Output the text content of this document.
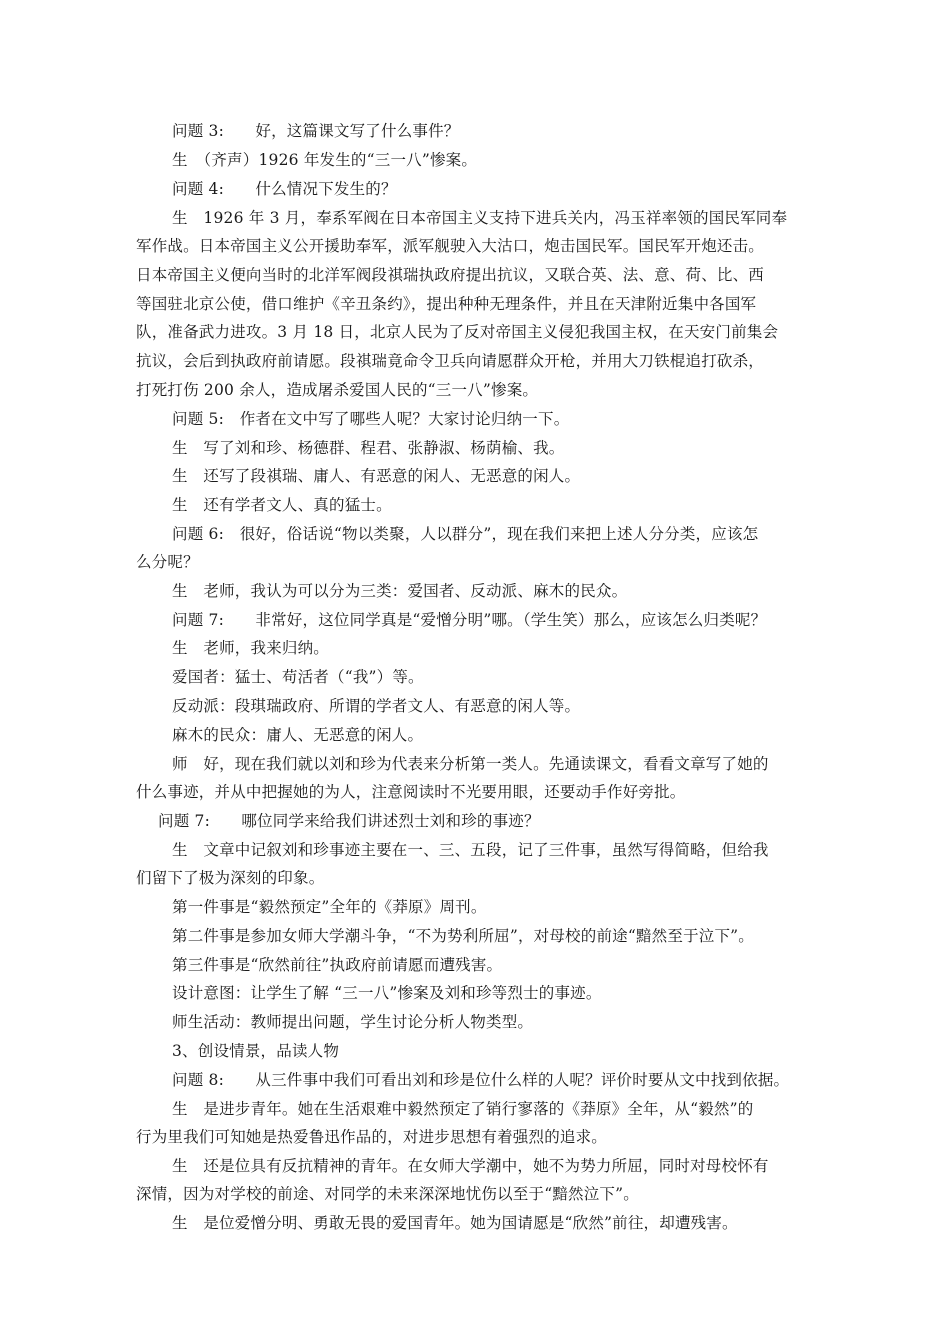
问题 3:　　好，这篇课文写了什么事件？
生　（齐声）1926 年发生的“三一八”惨案。
问题 4:　　什么情况下发生的？
生　1926 年 3 月，奉系军阀在日本帝国主义支持下进兵关内，冯玉祥率领的国民军同奉
军作战。日本帝国主义公开援助奉军，派军舰驶入大沽口，炮击国民军。国民军开炮还击。
日本帝国主义便向当时的北洋军阀段祺瑞执政府提出抗议，又联合英、法、意、荷、比、西
等国驻北京公使，借口维护《辛丑条约》，提出种种无理条件，并且在天津附近集中各国军
队，准备武力进攻。3 月 18 日，北京人民为了反对帝国主义侵犯我国主权，在天安门前集会
抗议，会后到执政府前请愿。段祺瑞竟命令卫兵向请愿群众开枪，并用大刀铁棍追打砍杀，
打死打伤 200 余人，造成屠杀爱国人民的“三一八”惨案。
问题 5:　作者在文中写了哪些人呢？大家讨论归纳一下。
生　写了刘和珍、杨德群、程君、张静淑、杨荫榆、我。
生　还写了段祺瑞、庸人、有恶意的闲人、无恶意的闲人。
生　还有学者文人、真的猛士。
问题 6:　很好，俗话说“物以类聚，人以群分”，现在我们来把上述人分分类，应该怎
么分呢？
生　老师，我认为可以分为三类：爱国者、反动派、麻木的民众。
问题 7:　　非常好，这位同学真是“爱憎分明”哪。（学生笑）那么，应该怎么归类呢？
生　老师，我来归纳。
爱国者：猛士、苟活者（“我”）等。
反动派：段琪瑞政府、所谓的学者文人、有恶意的闲人等。
麻木的民众：庸人、无恶意的闲人。
师　好，现在我们就以刘和珍为代表来分析第一类人。先通读课文，看看文章写了她的
什么事迹，并从中把握她的为人，注意阅读时不光要用眼，还要动手作好旁批。
问题 7:　　哪位同学来给我们讲述烈士刘和珍的事迹？
生　文章中记叙刘和珍事迹主要在一、三、五段，记了三件事，虽然写得简略，但给我
们留下了极为深刻的印象。
第一件事是“毅然预定”全年的《莽原》周刊。
第二件事是参加女师大学潮斗争，“不为势利所屈”，对母校的前途“黯然至于泣下”。
第三件事是“欣然前往”执政府前请愿而遭残害。
设计意图：让学生了解 “三一八”惨案及刘和珍等烈士的事迹。
师生活动：教师提出问题，学生讨论分析人物类型。
3、创设情景，品读人物
问题 8:　　从三件事中我们可看出刘和珍是位什么样的人呢？评价时要从文中找到依据。
生　是进步青年。她在生活艰难中毅然预定了销行寥落的《莽原》全年，从“毅然”的
行为里我们可知她是热爱鲁迅作品的，对进步思想有着强烈的追求。
生　还是位具有反抗精神的青年。在女师大学潮中，她不为势力所屈，同时对母校怀有
深情，因为对学校的前途、对同学的未来深深地忧伤以至于“黯然泣下”。
生　是位爱憎分明、勇敢无畏的爱国青年。她为国请愿是“欣然”前往，却遭残害。
